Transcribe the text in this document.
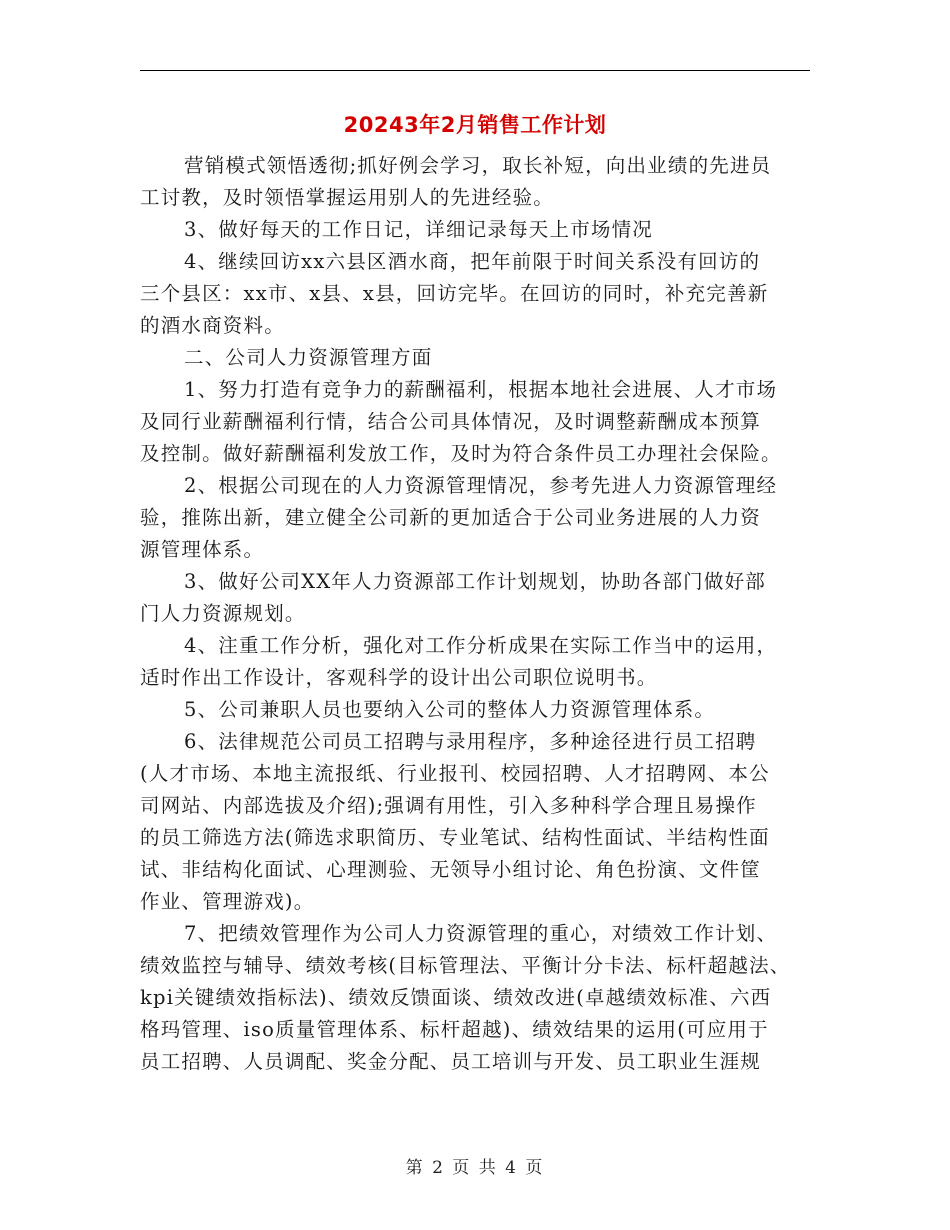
20243年2月销售工作计划
营销模式领悟透彻;抓好例会学习，取长补短，向出业绩的先进员
工讨教，及时领悟掌握运用别人的先进经验。
3、做好每天的工作日记，详细记录每天上市场情况
4、继续回访xx六县区酒水商，把年前限于时间关系没有回访的
三个县区：xx市、x县、x县，回访完毕。在回访的同时，补充完善新
的酒水商资料。
二、公司人力资源管理方面
1、努力打造有竞争力的薪酬福利，根据本地社会进展、人才市场
及同行业薪酬福利行情，结合公司具体情况，及时调整薪酬成本预算
及控制。做好薪酬福利发放工作，及时为符合条件员工办理社会保险。
2、根据公司现在的人力资源管理情况，参考先进人力资源管理经
验，推陈出新，建立健全公司新的更加适合于公司业务进展的人力资
源管理体系。
3、做好公司XX年人力资源部工作计划规划，协助各部门做好部
门人力资源规划。
4、注重工作分析，强化对工作分析成果在实际工作当中的运用，
适时作出工作设计，客观科学的设计出公司职位说明书。
5、公司兼职人员也要纳入公司的整体人力资源管理体系。
6、法律规范公司员工招聘与录用程序，多种途径进行员工招聘
(人才市场、本地主流报纸、行业报刊、校园招聘、人才招聘网、本公
司网站、内部选拔及介绍);强调有用性，引入多种科学合理且易操作
的员工筛选方法(筛选求职简历、专业笔试、结构性面试、半结构性面
试、非结构化面试、心理测验、无领导小组讨论、角色扮演、文件筐
作业、管理游戏)。
7、把绩效管理作为公司人力资源管理的重心，对绩效工作计划、
绩效监控与辅导、绩效考核(目标管理法、平衡计分卡法、标杆超越法、
kpi关键绩效指标法)、绩效反馈面谈、绩效改进(卓越绩效标准、六西
格玛管理、iso质量管理体系、标杆超越)、绩效结果的运用(可应用于
员工招聘、人员调配、奖金分配、员工培训与开发、员工职业生涯规
第 2 页 共 4 页
